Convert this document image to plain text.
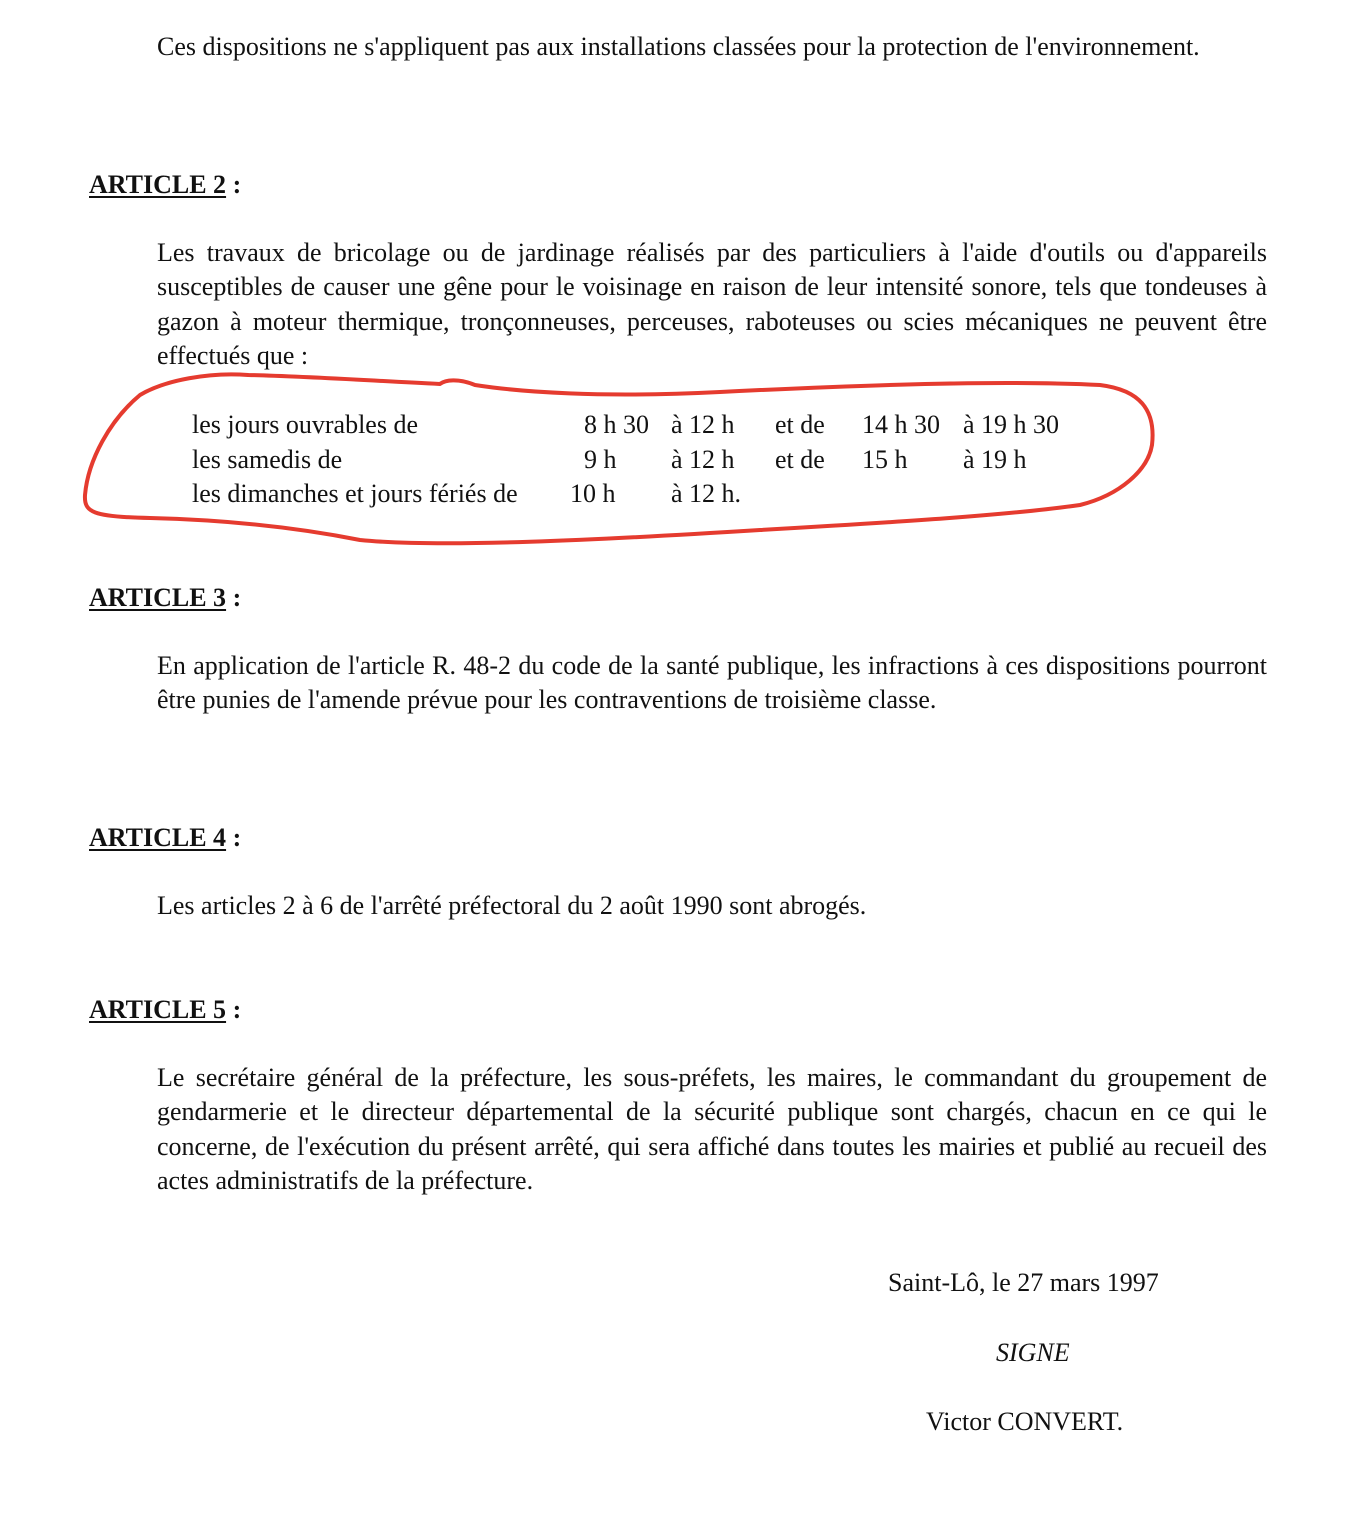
Ces dispositions ne s'appliquent pas aux installations classées pour la protection de l'environnement.

ARTICLE 2 :

Les travaux de bricolage ou de jardinage réalisés par des particuliers à l'aide d'outils ou d'appareils susceptibles de causer une gêne pour le voisinage en raison de leur intensité sonore, tels que tondeuses à gazon à moteur thermique, tronçonneuses, perceuses, raboteuses ou scies mécaniques ne peuvent être effectués que :

les jours ouvrables de	8 h 30 à 12 h et de 14 h 30 à 19 h 30
les samedis de	9 h à 12 h et de 15 h à 19 h
les dimanches et jours fériés de 10 h à 12 h.
ARTICLE 3 :

En application de l'article R. 48-2 du code de la santé publique, les infractions à ces dispositions pourront être punies de l'amende prévue pour les contraventions de troisième classe.

ARTICLE 4 :

Les articles 2 à 6 de l'arrêté préfectoral du 2 août 1990 sont abrogés.

ARTICLE 5 :

Le secrétaire général de la préfecture, les sous-préfets, les maires, le commandant du groupement de gendarmerie et le directeur départemental de la sécurité publique sont chargés, chacun en ce qui le concerne, de l'exécution du présent arrêté, qui sera affiché dans toutes les mairies et publié au recueil des actes administratifs de la préfecture.

Saint-Lô, le 27 mars 1997
SIGNE
Victor CONVERT.
